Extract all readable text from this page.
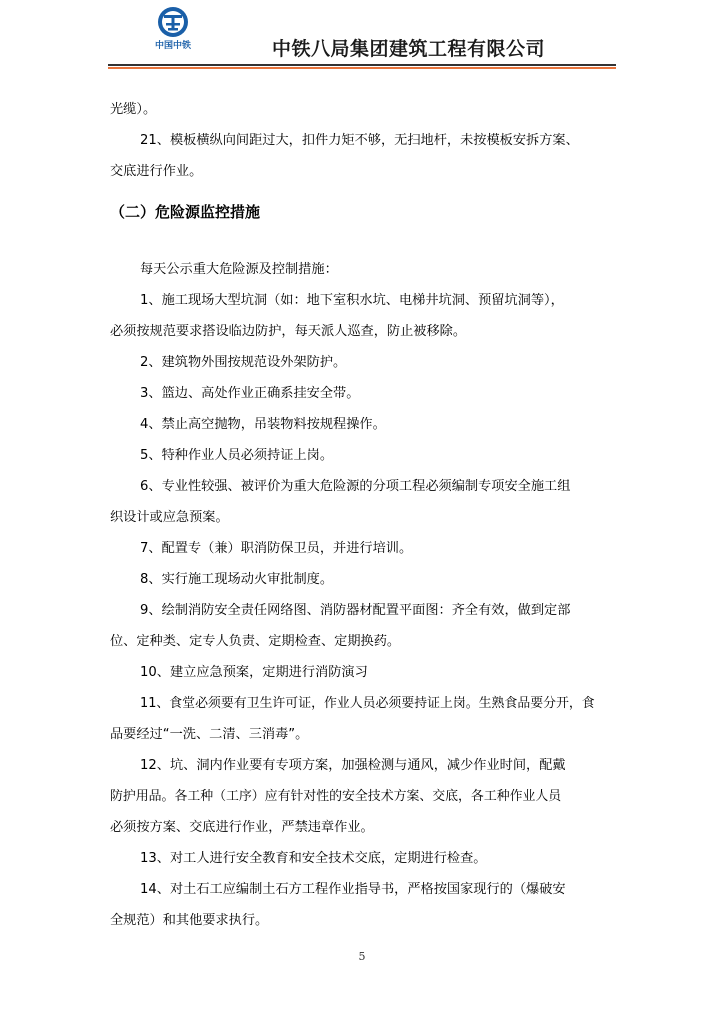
中国中铁	中铁八局集团建筑工程有限公司

光缆）。

21、模板横纵向间距过大，扣件力矩不够，无扫地杆，未按模板安拆方案、

交底进行作业。

（二）危险源监控措施

每天公示重大危险源及控制措施：

1、施工现场大型坑洞（如：地下室积水坑、电梯井坑洞、预留坑洞等），

必须按规范要求搭设临边防护，每天派人巡查，防止被移除。

2、建筑物外围按规范设外架防护。

3、篮边、高处作业正确系挂安全带。

4、禁止高空抛物，吊装物料按规程操作。

5、特种作业人员必须持证上岗。

6、专业性较强、被评价为重大危险源的分项工程必须编制专项安全施工组

织设计或应急预案。

7、配置专（兼）职消防保卫员，并进行培训。

8、实行施工现场动火审批制度。

9、绘制消防安全责任网络图、消防器材配置平面图：齐全有效，做到定部

位、定种类、定专人负责、定期检查、定期换药。

10、建立应急预案，定期进行消防演习

11、食堂必须要有卫生许可证，作业人员必须要持证上岗。生熟食品要分开，食

品要经过“一洗、二清、三消毒”。

12、坑、洞内作业要有专项方案，加强检测与通风，减少作业时间，配戴

防护用品。各工种（工序）应有针对性的安全技术方案、交底，各工种作业人员

必须按方案、交底进行作业，严禁违章作业。

13、对工人进行安全教育和安全技术交底，定期进行检查。

14、对土石工应编制土石方工程作业指导书，严格按国家现行的（爆破安

全规范）和其他要求执行。

5
